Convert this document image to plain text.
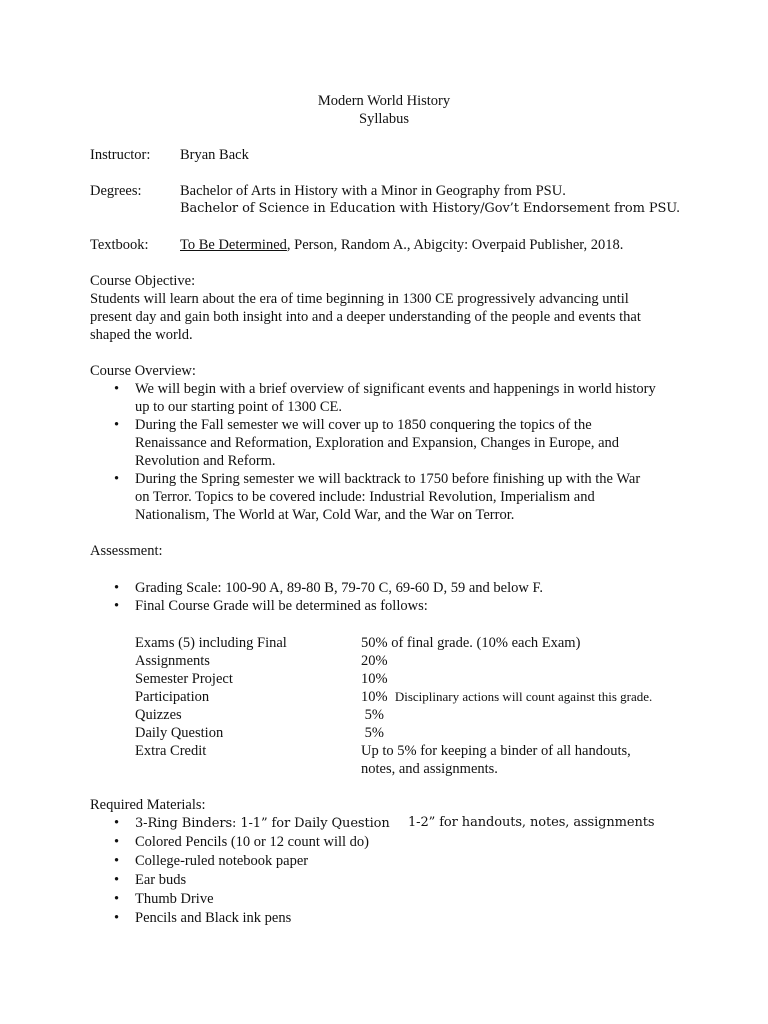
Modern World History
Syllabus
Instructor: Bryan Back
Degrees:	Bachelor of Arts in History with a Minor in Geography from PSU.
Bachelor of Science in Education with History/Gov’t Endorsement from PSU.
Textbook: To Be Determined, Person, Random A., Abigcity: Overpaid Publisher, 2018.

Course Objective:

Students will learn about the era of time beginning in 1300 CE progressively advancing until

present day and gain both insight into and a deeper understanding of the people and events that

shaped the world.

Course Overview:
• We will begin with a brief overview of significant events and happenings in world history
up to our starting point of 1300 CE.
• During the Fall semester we will cover up to 1850 conquering the topics of the
Renaissance and Reformation, Exploration and Expansion, Changes in Europe, and
Revolution and Reform.
• During the Spring semester we will backtrack to 1750 before finishing up with the War
on Terror. Topics to be covered include: Industrial Revolution, Imperialism and
Nationalism, The World at War, Cold War, and the War on Terror.
Assessment:
• Grading Scale: 100-90 A, 89-80 B, 79-70 C, 69-60 D, 59 and below F.
• Final Course Grade will be determined as follows:
Exams (5) including Final	50% of final grade. (10% each Exam)
Assignments	20%
Semester Project	10%
Participation	10% Disciplinary actions will count against this grade.
Quizzes	5%
Daily Question	5%
Extra Credit	Up to 5% for keeping a binder of all handouts,
notes, and assignments.
Required Materials:
• 3-Ring Binders: 1-1” for Daily Question 1-2” for handouts, notes, assignments
• Colored Pencils (10 or 12 count will do)
• College-ruled notebook paper
• Ear buds
• Thumb Drive
• Pencils and Black ink pens
